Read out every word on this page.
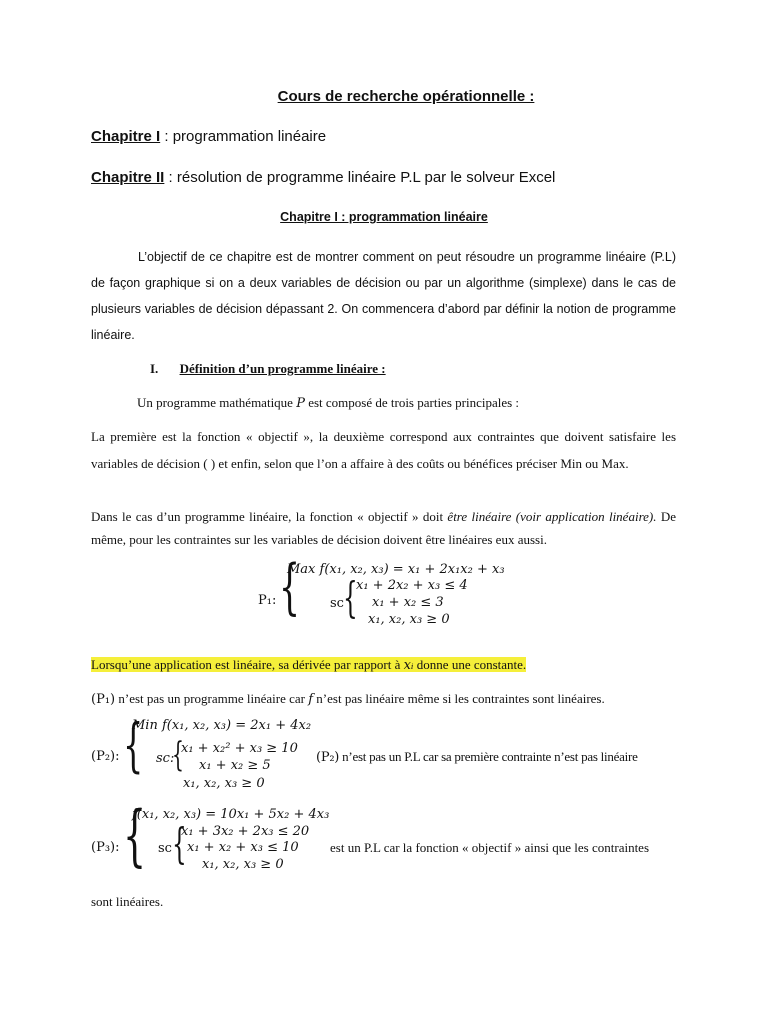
Cours de recherche opérationnelle :
Chapitre I : programmation linéaire
Chapitre II : résolution de programme linéaire P.L par le solveur Excel
Chapitre I : programmation linéaire
L’objectif de ce chapitre est de montrer comment on peut résoudre un programme linéaire (P.L) de façon graphique si on a deux variables de décision ou par un algorithme (simplexe) dans le cas de plusieurs variables de décision dépassant 2. On commencera d’abord par définir la notion de programme linéaire.
I. Définition d’un programme linéaire :
Un programme mathématique P est composé de trois parties principales :
La première est la fonction « objectif », la deuxième correspond aux contraintes que doivent satisfaire les variables de décision ( ) et enfin, selon que l’on a affaire à des coûts ou bénéfices préciser Min ou Max.
Dans le cas d’un programme linéaire, la fonction « objectif » doit être linéaire (voir application linéaire). De même, pour les contraintes sur les variables de décision doivent être linéaires eux aussi.
P₁: {
Max f(x₁, x₂, x₃) = x₁ + 2x₁x₂ + x₃
sc {
x₁ + 2x₂ + x₃ ≤ 4
x₁ + x₂ ≤ 3
x₁, x₂, x₃ ≥ 0
Lorsqu’une application est linéaire, sa dérivée par rapport à xᵢ donne une constante.
(P₁) n’est pas un programme linéaire car f n’est pas linéaire même si les contraintes sont linéaires.
(P₂): {
Min f(x₁, x₂, x₃) = 2x₁ + 4x₂
sc:
{
x₁ + x₂² + x₃ ≥ 10
x₁ + x₂ ≥ 5
x₁, x₂, x₃ ≥ 0
(P₂) n’est pas un P.L car sa première contrainte n’est pas linéaire
(P₃): {
f(x₁, x₂, x₃) = 10x₁ + 5x₂ + 4x₃
sc {
x₁ + 3x₂ + 2x₃ ≤ 20
x₁ + x₂ + x₃ ≤ 10
x₁, x₂, x₃ ≥ 0
est un P.L car la fonction « objectif » ainsi que les contraintes
sont linéaires.
